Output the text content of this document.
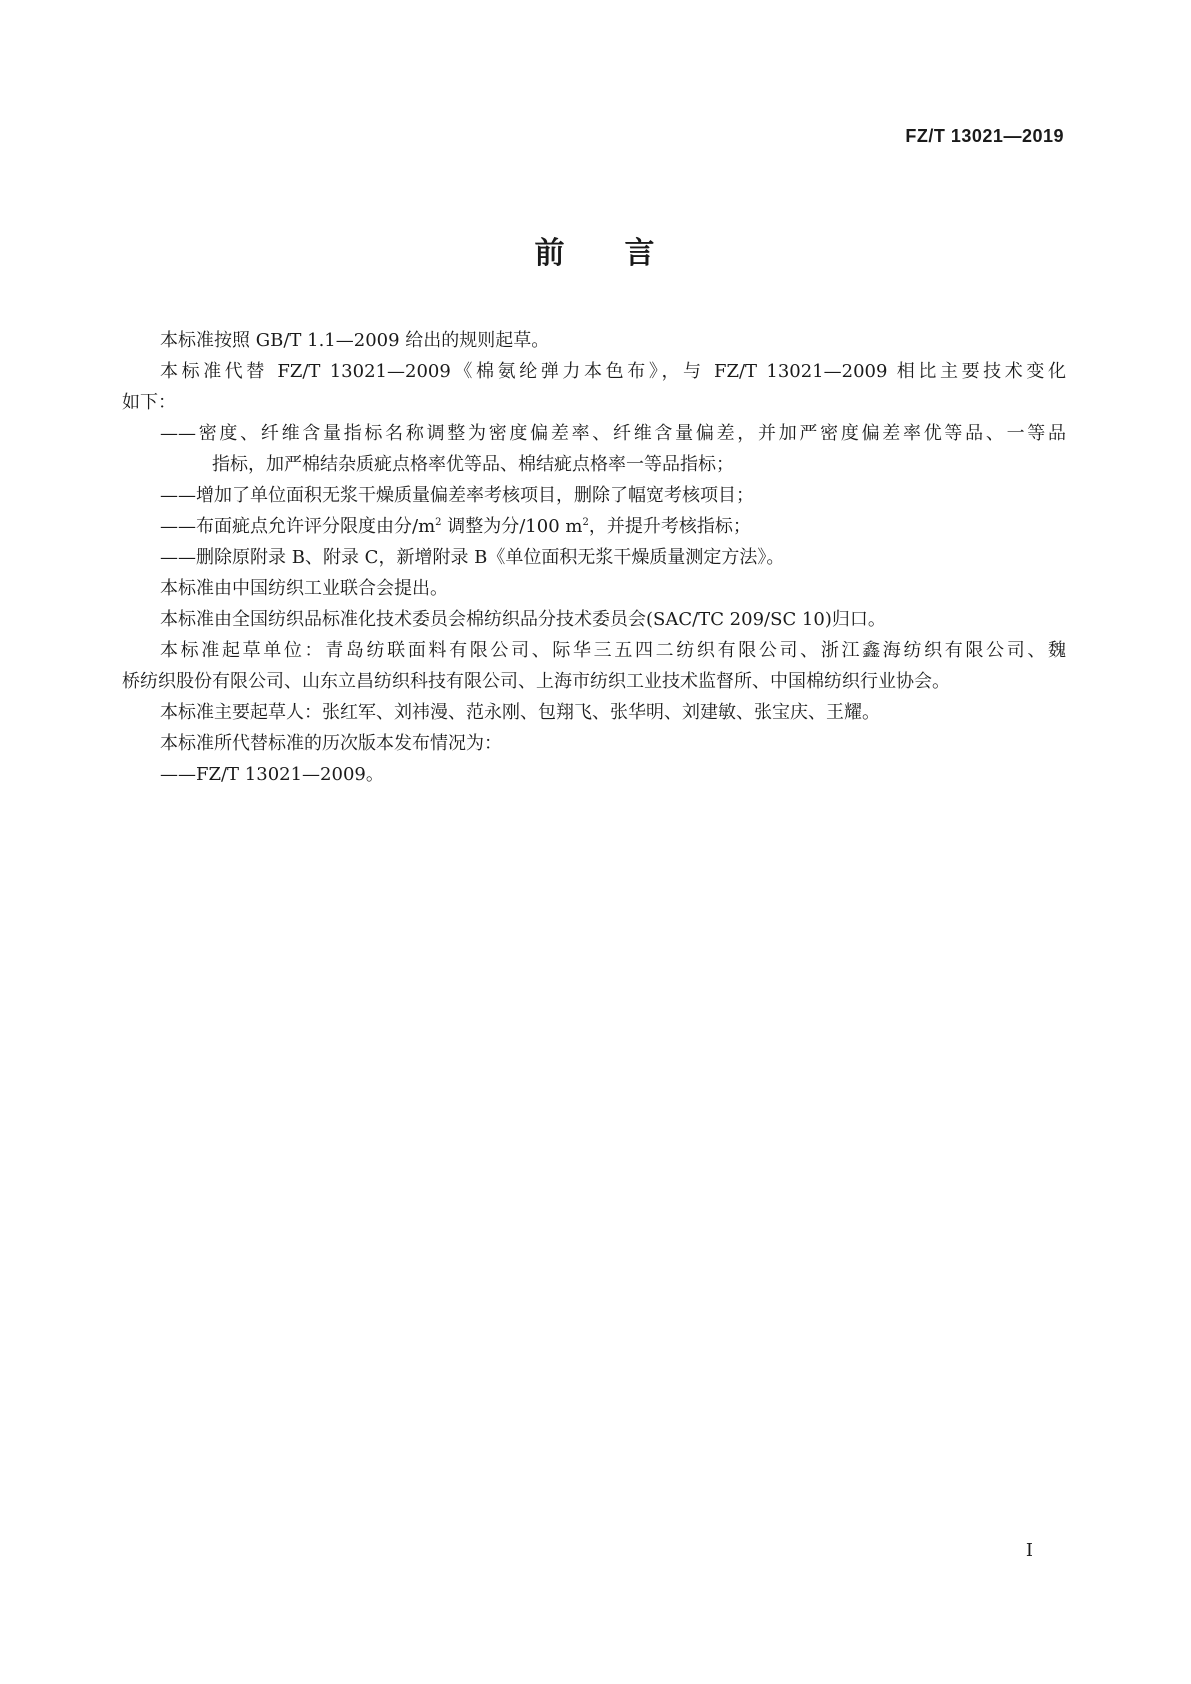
FZ/T 13021—2019
前 言
本标准按照 GB/T 1.1—2009 给出的规则起草。
本标准代替 FZ/T 13021—2009《棉氨纶弹力本色布》，与 FZ/T 13021—2009 相比主要技术变化
如下：
——密度、纤维含量指标名称调整为密度偏差率、纤维含量偏差，并加严密度偏差率优等品、一等品
指标，加严棉结杂质疵点格率优等品、棉结疵点格率一等品指标；
——增加了单位面积无浆干燥质量偏差率考核项目，删除了幅宽考核项目；
——布面疵点允许评分限度由分$/m^2$ 调整为分/100 $m^2$，并提升考核指标；
——删除原附录 B、附录 C，新增附录 B《单位面积无浆干燥质量测定方法》。
本标准由中国纺织工业联合会提出。
本标准由全国纺织品标准化技术委员会棉纺织品分技术委员会(SAC/TC 209/SC 10)归口。
本标准起草单位：青岛纺联面料有限公司、际华三五四二纺织有限公司、浙江鑫海纺织有限公司、魏
桥纺织股份有限公司、山东立昌纺织科技有限公司、上海市纺织工业技术监督所、中国棉纺织行业协会。
本标准主要起草人：张红军、刘祎漫、范永刚、包翔飞、张华明、刘建敏、张宝庆、王耀。
本标准所代替标准的历次版本发布情况为：
——FZ/T 13021—2009。
I
